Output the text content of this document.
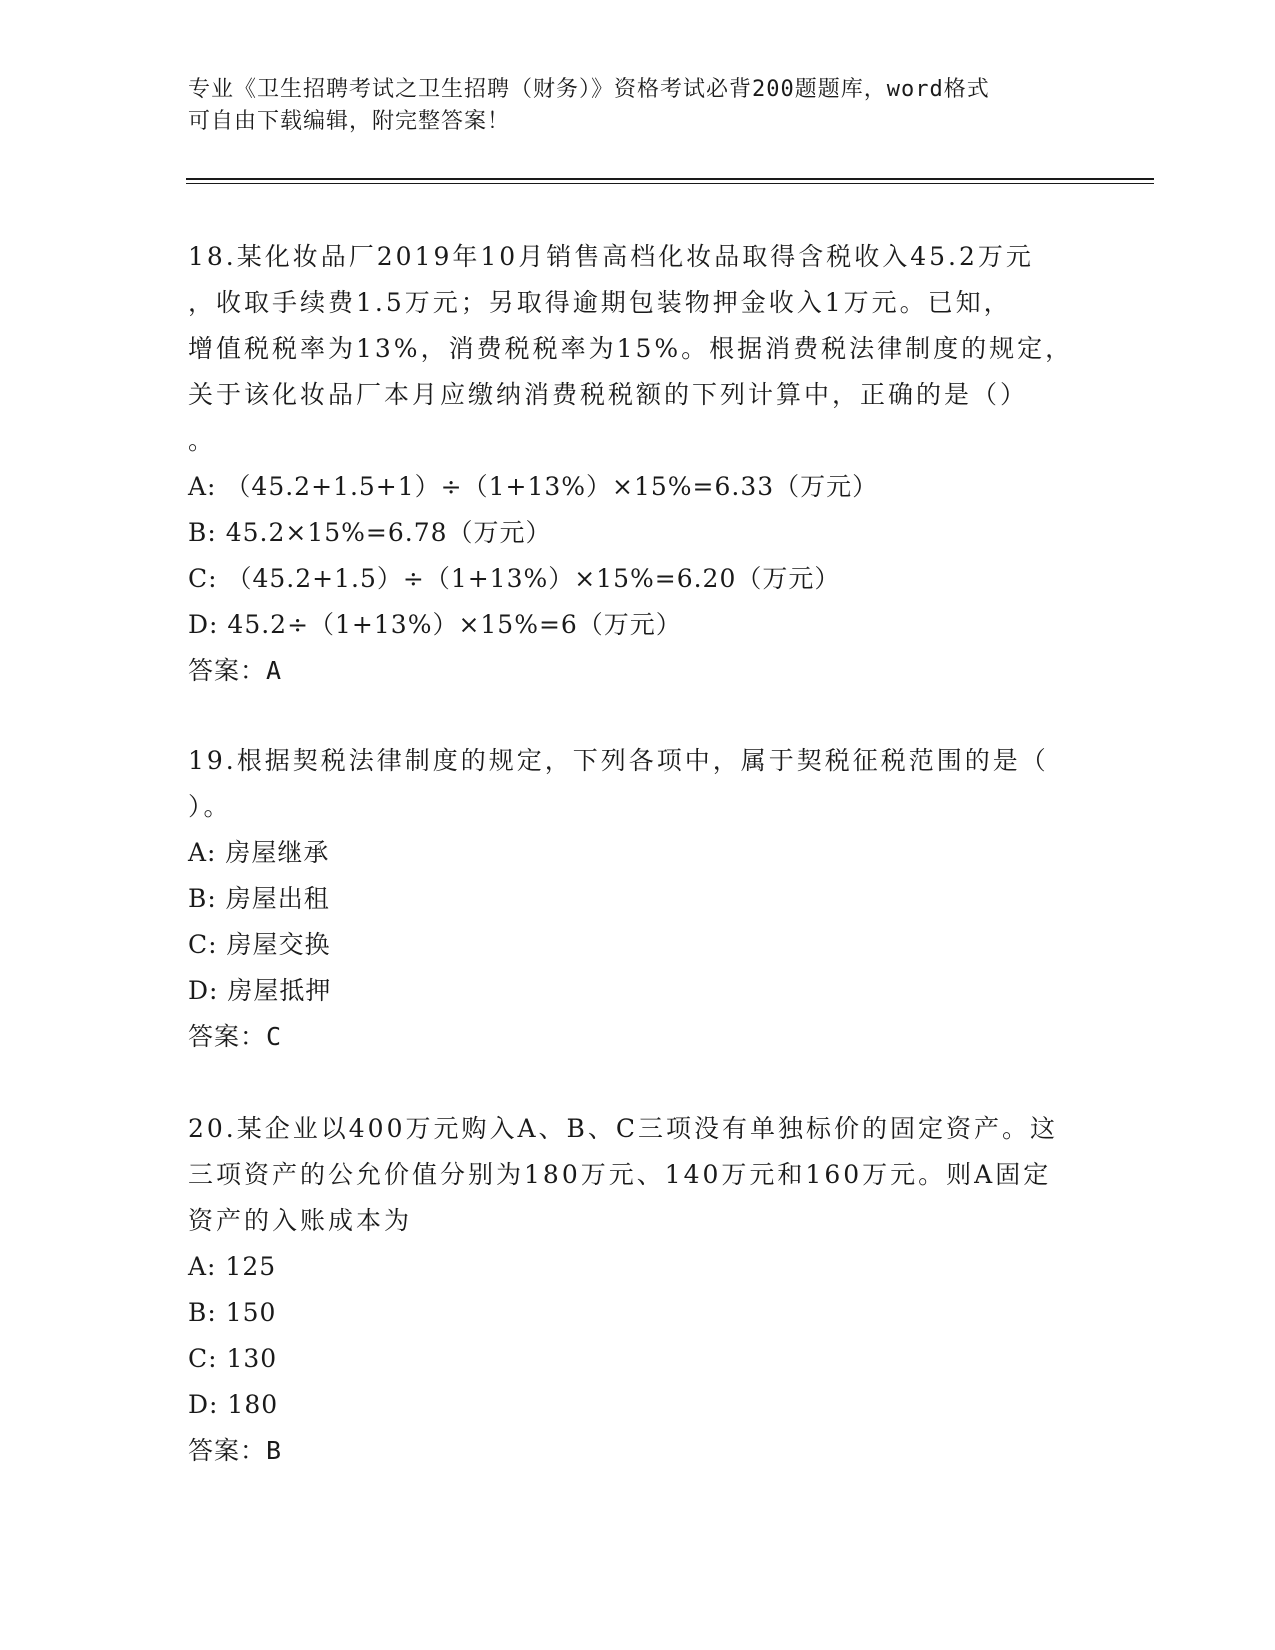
专业《卫生招聘考试之卫生招聘（财务）》资格考试必背200题题库，word格式
可自由下载编辑，附完整答案！
18.某化妆品厂2019年10月销售高档化妆品取得含税收入45.2万元
，收取手续费1.5万元；另取得逾期包装物押金收入1万元。已知，
增值税税率为13%，消费税税率为15%。根据消费税法律制度的规定，
关于该化妆品厂本月应缴纳消费税税额的下列计算中，正确的是（）
。
A: （45.2+1.5+1）÷（1+13%）×15%=6.33（万元）
B: 45.2×15%=6.78（万元）
C: （45.2+1.5）÷（1+13%）×15%=6.20（万元）
D: 45.2÷（1+13%）×15%=6（万元）
答案：A
19.根据契税法律制度的规定，下列各项中，属于契税征税范围的是（
）。
A: 房屋继承
B: 房屋出租
C: 房屋交换
D: 房屋抵押
答案：C
20.某企业以400万元购入A、B、C三项没有单独标价的固定资产。这
三项资产的公允价值分别为180万元、140万元和160万元。则A固定
资产的入账成本为
A: 125
B: 150
C: 130
D: 180
答案：B
